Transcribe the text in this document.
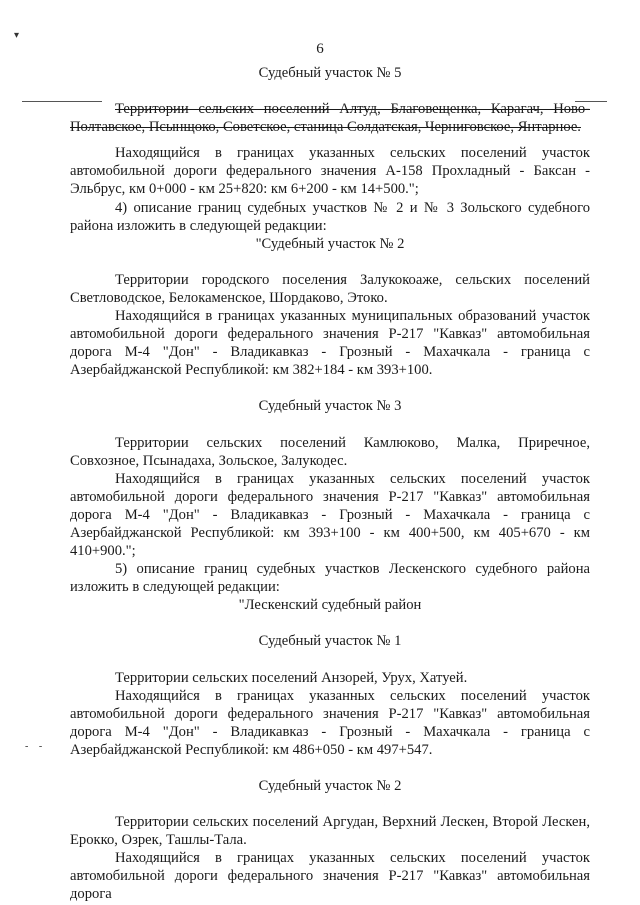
▾
- -
6

Судебный участок № 5

Территории сельских поселений Алтуд, Благовещенка, Карагач, Ново-Полтавское, Псынщоко, Советское, станица Солдатская, Черниговское, Янтарное.

Находящийся в границах указанных сельских поселений участок автомобильной дороги федерального значения А-158 Прохладный - Баксан - Эльбрус, км 0+000 - км 25+820: км 6+200 - км 14+500.";

4) описание границ судебных участков № 2 и № 3 Зольского судебного района изложить в следующей редакции:

"Судебный участок № 2

Территории городского поселения Залукокоаже, сельских поселений Светловодское, Белокаменское, Шордаково, Этоко.

Находящийся в границах указанных муниципальных образований участок автомобильной дороги федерального значения Р-217 "Кавказ" автомобильная дорога М-4 "Дон" - Владикавказ - Грозный - Махачкала - граница с Азербайджанской Республикой: км 382+184 - км 393+100.

Судебный участок № 3

Территории сельских поселений Камлюково, Малка, Приречное, Совхозное, Псынадаха, Зольское, Залукодес.

Находящийся в границах указанных сельских поселений участок автомобильной дороги федерального значения Р-217 "Кавказ" автомобильная дорога М-4 "Дон" - Владикавказ - Грозный - Махачкала - граница с Азербайджанской Республикой: км 393+100 - км 400+500, км 405+670 - км 410+900.";

5) описание границ судебных участков Лескенского судебного района изложить в следующей редакции:

"Лескенский судебный район

Судебный участок № 1

Территории сельских поселений Анзорей, Урух, Хатуей.

Находящийся в границах указанных сельских поселений участок автомобильной дороги федерального значения Р-217 "Кавказ" автомобильная дорога М-4 "Дон" - Владикавказ - Грозный - Махачкала - граница с Азербайджанской Республикой: км 486+050 - км 497+547.

Судебный участок № 2

Территории сельских поселений Аргудан, Верхний Лескен, Второй Лескен, Ерокко, Озрек, Ташлы-Тала.

Находящийся в границах указанных сельских поселений участок автомобильной дороги федерального значения Р-217 "Кавказ" автомобильная дорога
